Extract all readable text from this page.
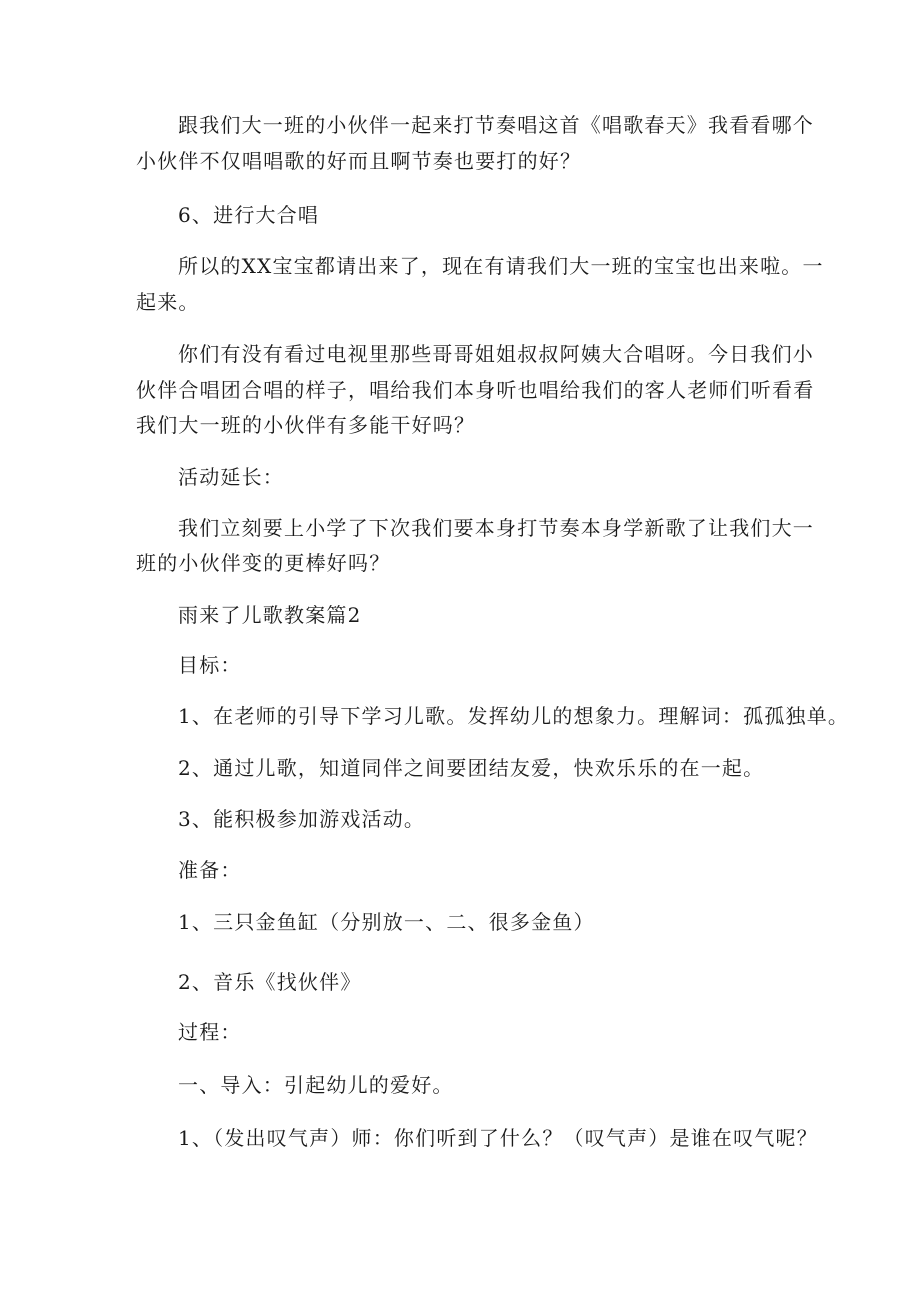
跟我们大一班的小伙伴一起来打节奏唱这首《唱歌春天》我看看哪个

小伙伴不仅唱唱歌的好而且啊节奏也要打的好？

6、进行大合唱

所以的XX宝宝都请出来了，现在有请我们大一班的宝宝也出来啦。一

起来。

你们有没有看过电视里那些哥哥姐姐叔叔阿姨大合唱呀。今日我们小

伙伴合唱团合唱的样子，唱给我们本身听也唱给我们的客人老师们听看看

我们大一班的小伙伴有多能干好吗？

活动延长：

我们立刻要上小学了下次我们要本身打节奏本身学新歌了让我们大一

班的小伙伴变的更棒好吗？

雨来了儿歌教案篇2

目标：

1、在老师的引导下学习儿歌。发挥幼儿的想象力。理解词：孤孤独单。

2、通过儿歌，知道同伴之间要团结友爱，快欢乐乐的在一起。

3、能积极参加游戏活动。

准备：

1、三只金鱼缸（分别放一、二、很多金鱼）

2、音乐《找伙伴》

过程：

一、导入：引起幼儿的爱好。

1、（发出叹气声）师：你们听到了什么？（叹气声）是谁在叹气呢？
